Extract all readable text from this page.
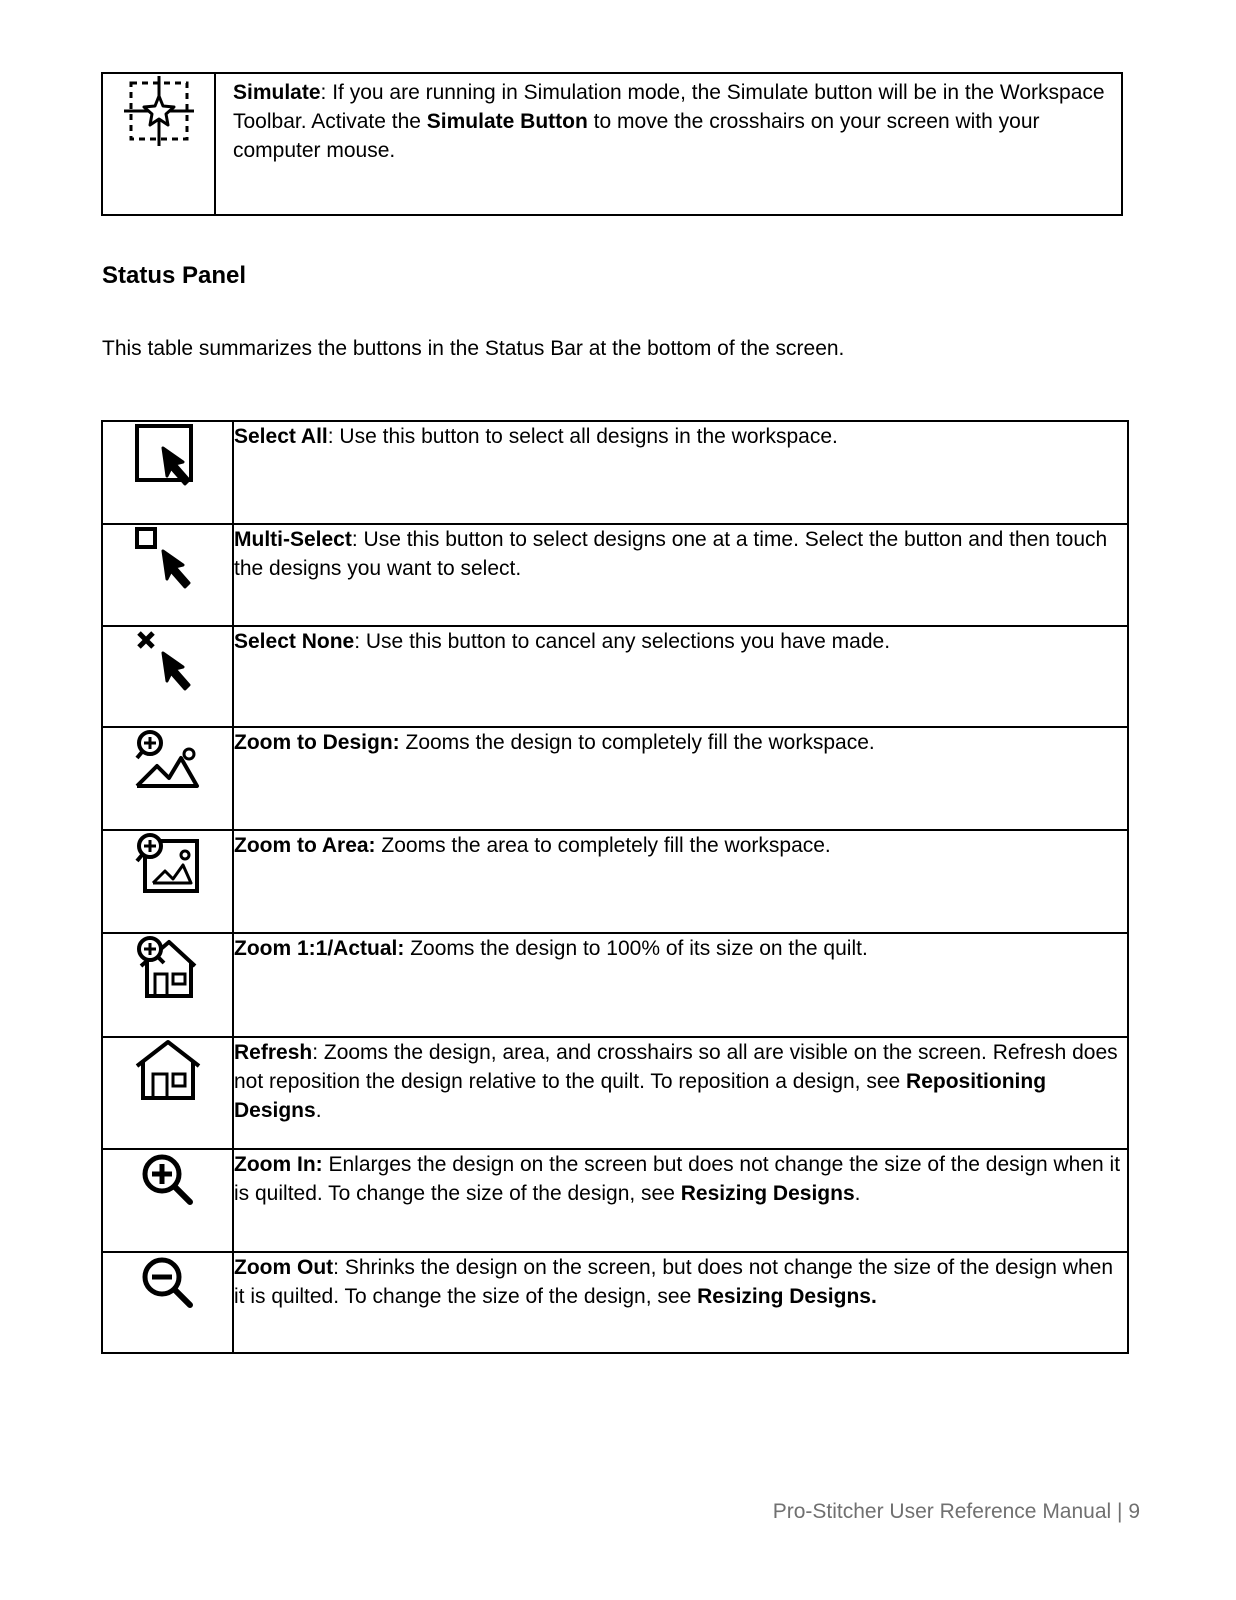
	Simulate: If you are running in Simulation mode, the Simulate button will be in the Workspace Toolbar. Activate the Simulate Button to move the crosshairs on your screen with your computer mouse.
Status Panel
This table summarizes the buttons in the Status Bar at the bottom of the screen.
	Select All: Use this button to select all designs in the workspace.
	Multi-Select: Use this button to select designs one at a time. Select the button and then touch the designs you want to select.
	Select None: Use this button to cancel any selections you have made.
	Zoom to Design: Zooms the design to completely fill the workspace.
	Zoom to Area: Zooms the area to completely fill the workspace.
	Zoom 1:1/Actual: Zooms the design to 100% of its size on the quilt.
	Refresh: Zooms the design, area, and crosshairs so all are visible on the screen. Refresh does not reposition the design relative to the quilt. To reposition a design, see Repositioning Designs.
	Zoom In: Enlarges the design on the screen but does not change the size of the design when it is quilted. To change the size of the design, see Resizing Designs.
	Zoom Out: Shrinks the design on the screen, but does not change the size of the design when it is quilted. To change the size of the design, see Resizing Designs.
Pro-Stitcher User Reference Manual | 9
